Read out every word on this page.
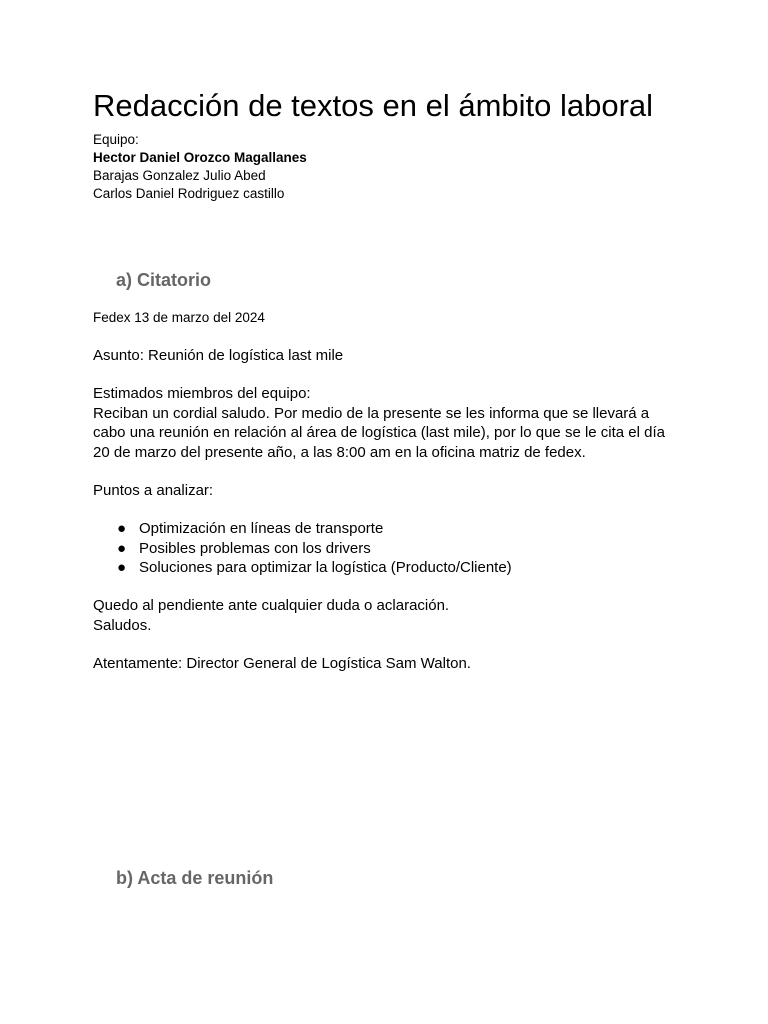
Redacción de textos en el ámbito laboral
Equipo:
Hector Daniel Orozco Magallanes
Barajas Gonzalez Julio Abed
Carlos Daniel Rodriguez castillo
a) Citatorio
Fedex 13 de marzo del 2024
Asunto: Reunión de logística last mile
Estimados miembros del equipo:
Reciban un cordial saludo. Por medio de la presente se les informa que se llevará a cabo una reunión en relación al área de logística (last mile), por lo que se le cita el día 20 de marzo del presente año, a las 8:00 am en la oficina matriz de fedex.
Puntos a analizar:
● Optimización en líneas de transporte
● Posibles problemas con los drivers
● Soluciones para optimizar la logística (Producto/Cliente)
Quedo al pendiente ante cualquier duda o aclaración.
Saludos.
Atentamente: Director General de Logística Sam Walton.
b) Acta de reunión
